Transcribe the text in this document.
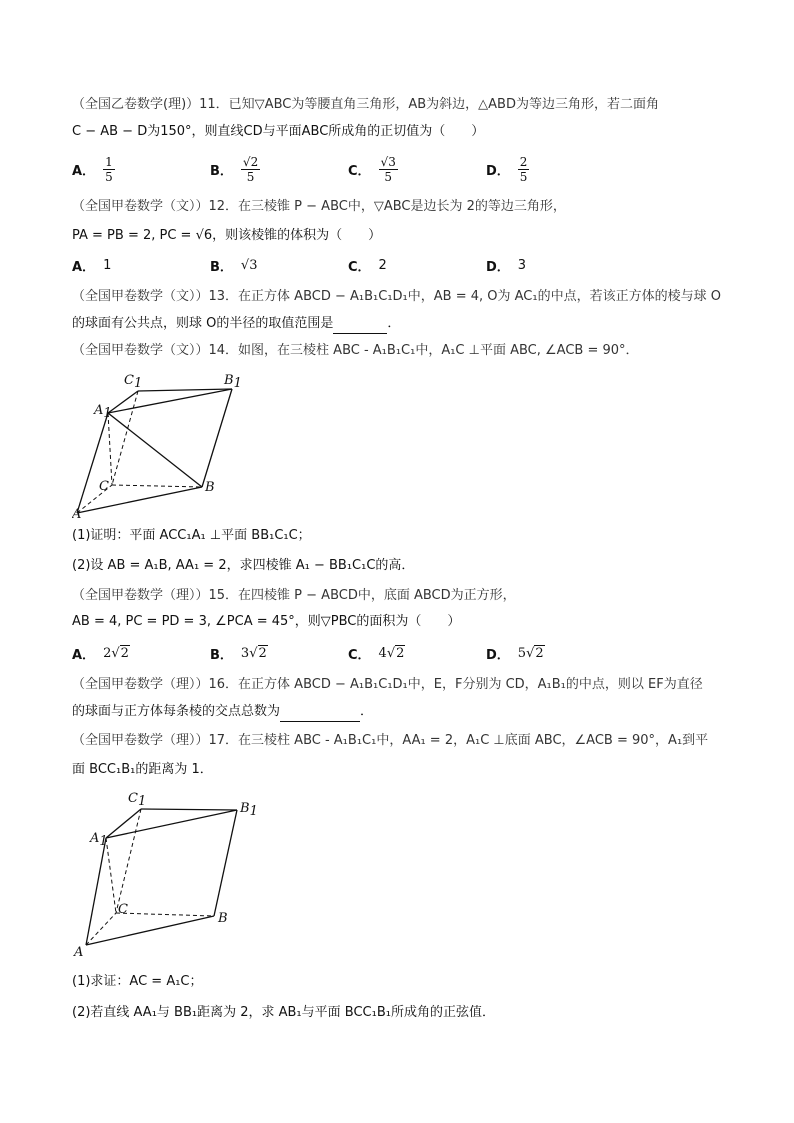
（全国乙卷数学(理)）11．已知▽ABC为等腰直角三角形，AB为斜边，△ABD为等边三角形，若二面角
C − AB − D为150°，则直线CD与平面ABC所成角的正切值为（　　）
A． $\frac{1}{5}$	B． $\frac{√2}{5}$	C． $\frac{√3}{5}$	D． $\frac{2}{5}$
（全国甲卷数学（文））12．在三棱锥 P − ABC中，▽ABC是边长为 2的等边三角形，
PA = PB = 2, PC = √6，则该棱锥的体积为（　　）
A． 1	B． √3	C． 2	D． 3
（全国甲卷数学（文））13．在正方体 ABCD − A₁B₁C₁D₁中，AB = 4, O为 AC₁的中点，若该正方体的棱与球 O
的球面有公共点，则球 O的半径的取值范围是	．
（全国甲卷数学（文））14．如图，在三棱柱 ABC - A₁B₁C₁中，A₁C ⊥平面 ABC, ∠ACB = 90°．
C1	B1
A1
C	B
A
(1)证明：平面 ACC₁A₁ ⊥平面 BB₁C₁C；
(2)设 AB = A₁B, AA₁ = 2，求四棱锥 A₁ − BB₁C₁C的高．
（全国甲卷数学（理））15．在四棱锥 P − ABCD中，底面 ABCD为正方形，
AB = 4, PC = PD = 3, ∠PCA = 45°，则▽PBC的面积为（　　）
A． 2√2	B． 3√2	C． 4√2	D． 5√2
（全国甲卷数学（理））16．在正方体 ABCD − A₁B₁C₁D₁中，E，F分别为 CD，A₁B₁的中点，则以 EF为直径
的球面与正方体每条棱的交点总数为	．
（全国甲卷数学（理））17．在三棱柱 ABC - A₁B₁C₁中，AA₁ = 2，A₁C ⊥底面 ABC，∠ACB = 90°，A₁到平
面 BCC₁B₁的距离为 1．
C1	B1
A1
C
B
A
(1)求证：AC = A₁C；
(2)若直线 AA₁与 BB₁距离为 2，求 AB₁与平面 BCC₁B₁所成角的正弦值．
